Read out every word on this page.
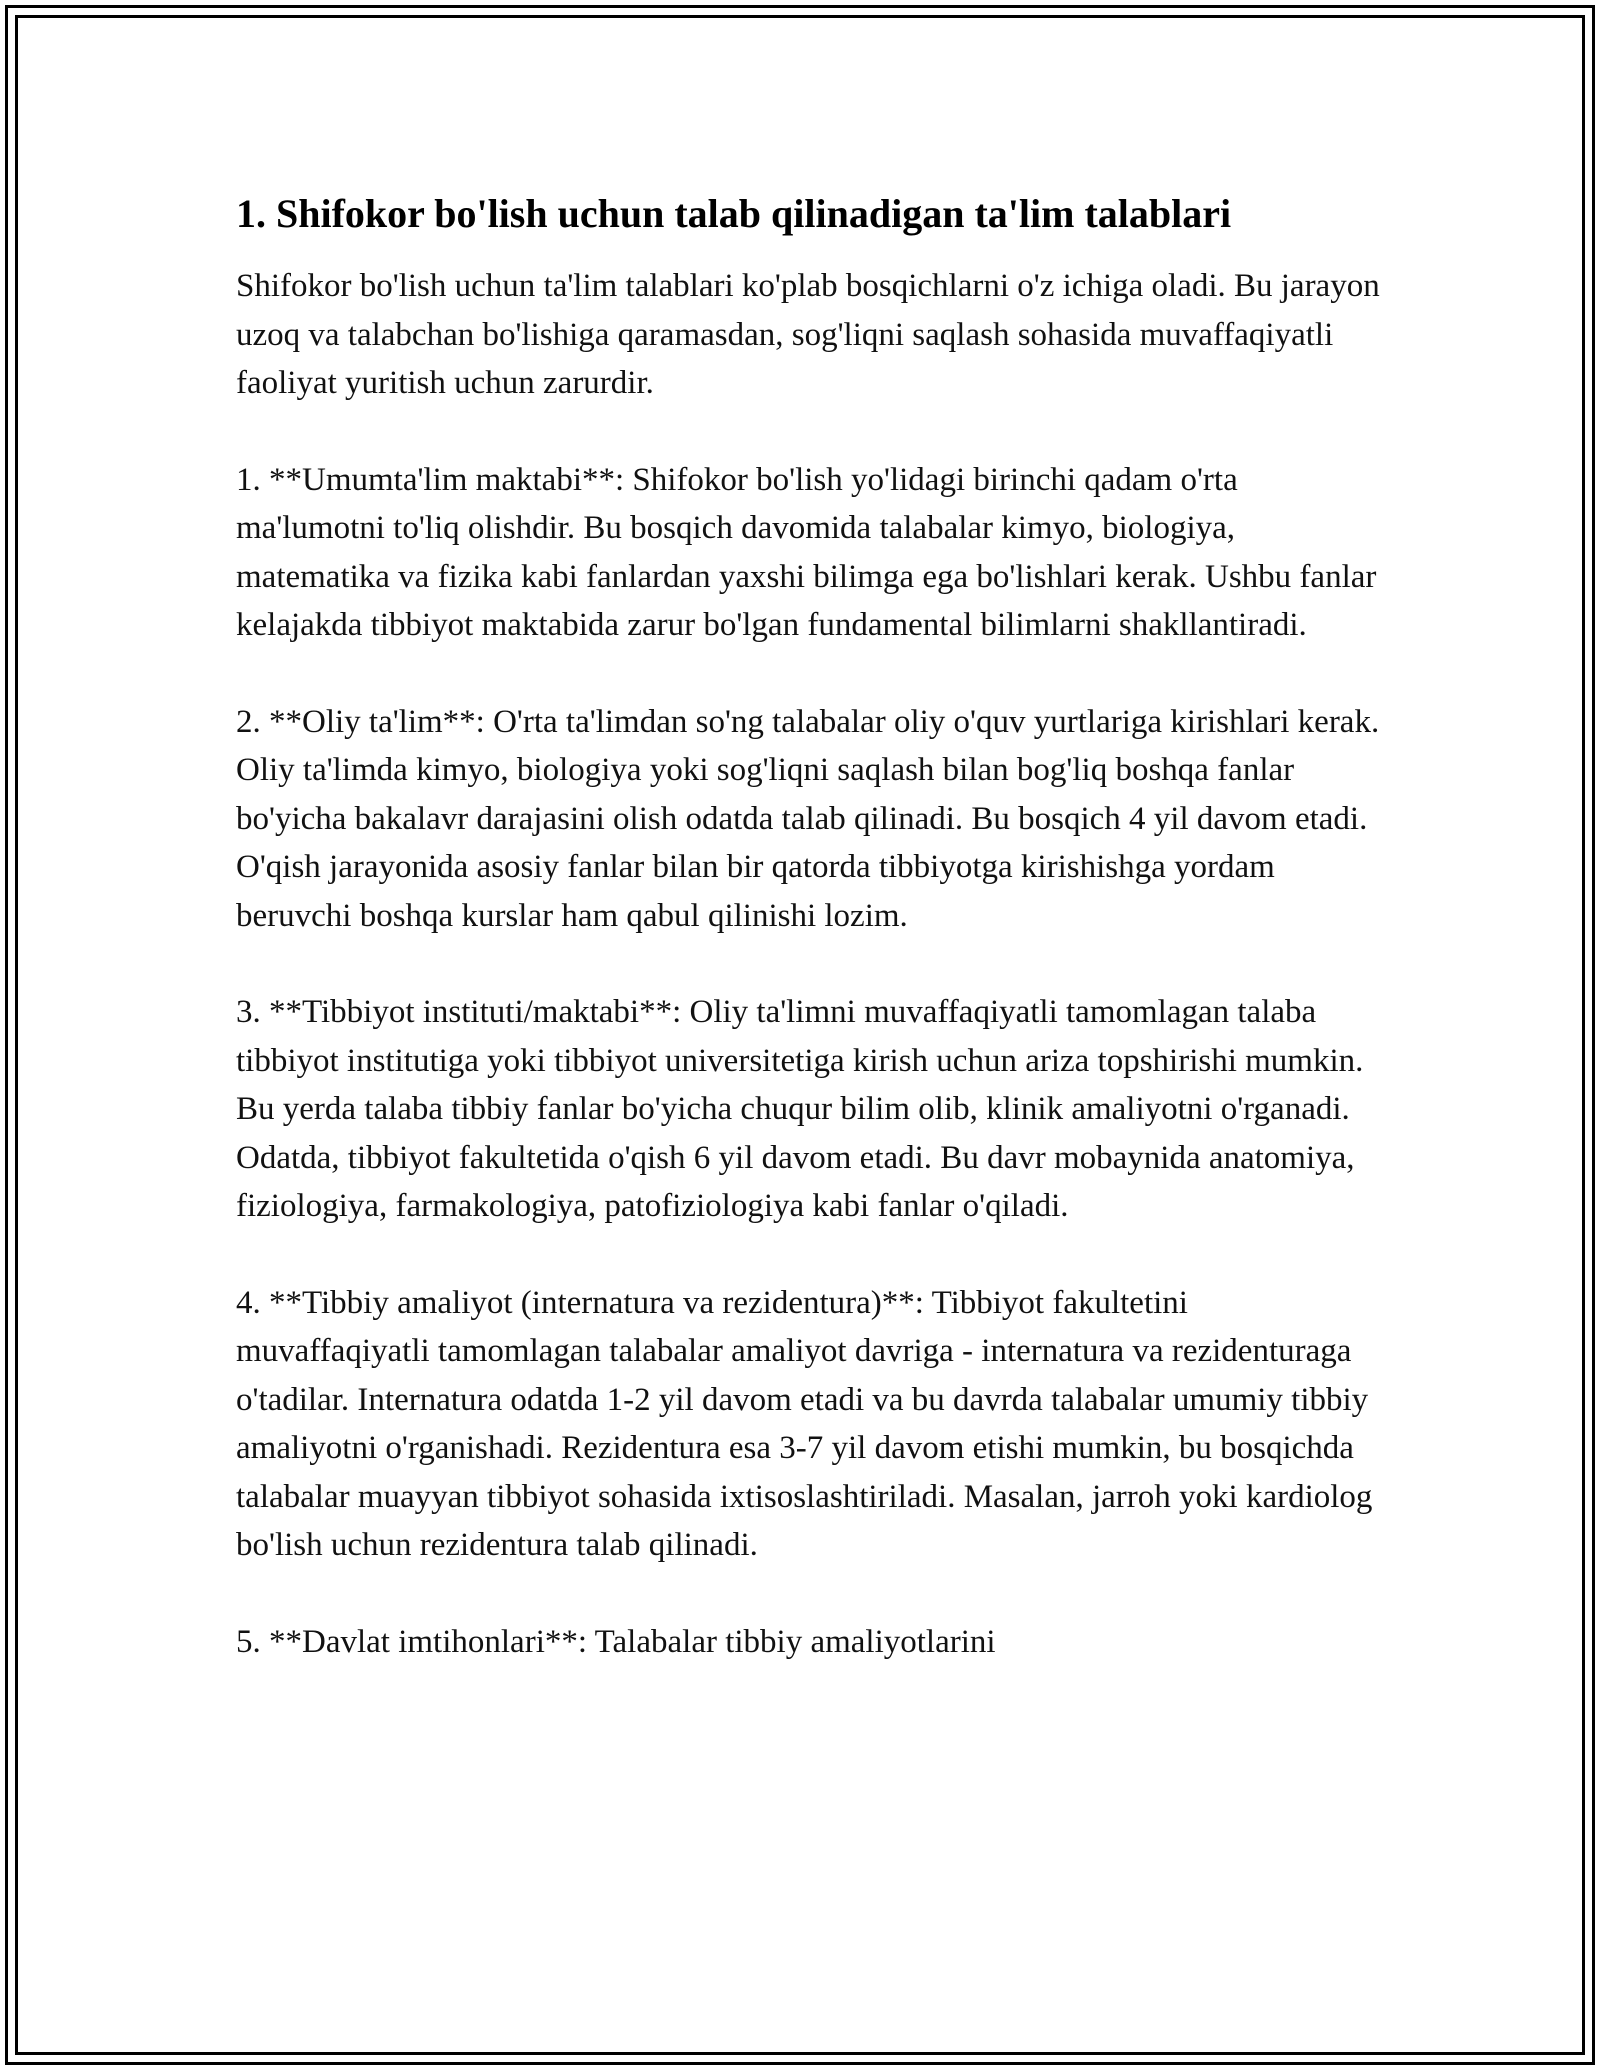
1. Shifokor bo'lish uchun talab qilinadigan ta'lim talablari

Shifokor bo'lish uchun ta'lim talablari ko'plab bosqichlarni o'z ichiga oladi. Bu jarayon uzoq va talabchan bo'lishiga qaramasdan, sog'liqni saqlash sohasida muvaffaqiyatli faoliyat yuritish uchun zarurdir.

1. **Umumta'lim maktabi**: Shifokor bo'lish yo'lidagi birinchi qadam o'rta ma'lumotni to'liq olishdir. Bu bosqich davomida talabalar kimyo, biologiya, matematika va fizika kabi fanlardan yaxshi bilimga ega bo'lishlari kerak. Ushbu fanlar kelajakda tibbiyot maktabida zarur bo'lgan fundamental bilimlarni shakllantiradi.

2. **Oliy ta'lim**: O'rta ta'limdan so'ng talabalar oliy o'quv yurtlariga kirishlari kerak. Oliy ta'limda kimyo, biologiya yoki sog'liqni saqlash bilan bog'liq boshqa fanlar bo'yicha bakalavr darajasini olish odatda talab qilinadi. Bu bosqich 4 yil davom etadi. O'qish jarayonida asosiy fanlar bilan bir qatorda tibbiyotga kirishishga yordam beruvchi boshqa kurslar ham qabul qilinishi lozim.

3. **Tibbiyot instituti/maktabi**: Oliy ta'limni muvaffaqiyatli tamomlagan talaba tibbiyot institutiga yoki tibbiyot universitetiga kirish uchun ariza topshirishi mumkin. Bu yerda talaba tibbiy fanlar bo'yicha chuqur bilim olib, klinik amaliyotni o'rganadi. Odatda, tibbiyot fakultetida o'qish 6 yil davom etadi. Bu davr mobaynida anatomiya, fiziologiya, farmakologiya, patofiziologiya kabi fanlar o'qiladi.

4. **Tibbiy amaliyot (internatura va rezidentura)**: Tibbiyot fakultetini muvaffaqiyatli tamomlagan talabalar amaliyot davriga - internatura va rezidenturaga o'tadilar. Internatura odatda 1-2 yil davom etadi va bu davrda talabalar umumiy tibbiy amaliyotni o'rganishadi. Rezidentura esa 3-7 yil davom etishi mumkin, bu bosqichda talabalar muayyan tibbiyot sohasida ixtisoslashtiriladi. Masalan, jarroh yoki kardiolog bo'lish uchun rezidentura talab qilinadi.

5. **Davlat imtihonlari**: Talabalar tibbiy amaliyotlarini
